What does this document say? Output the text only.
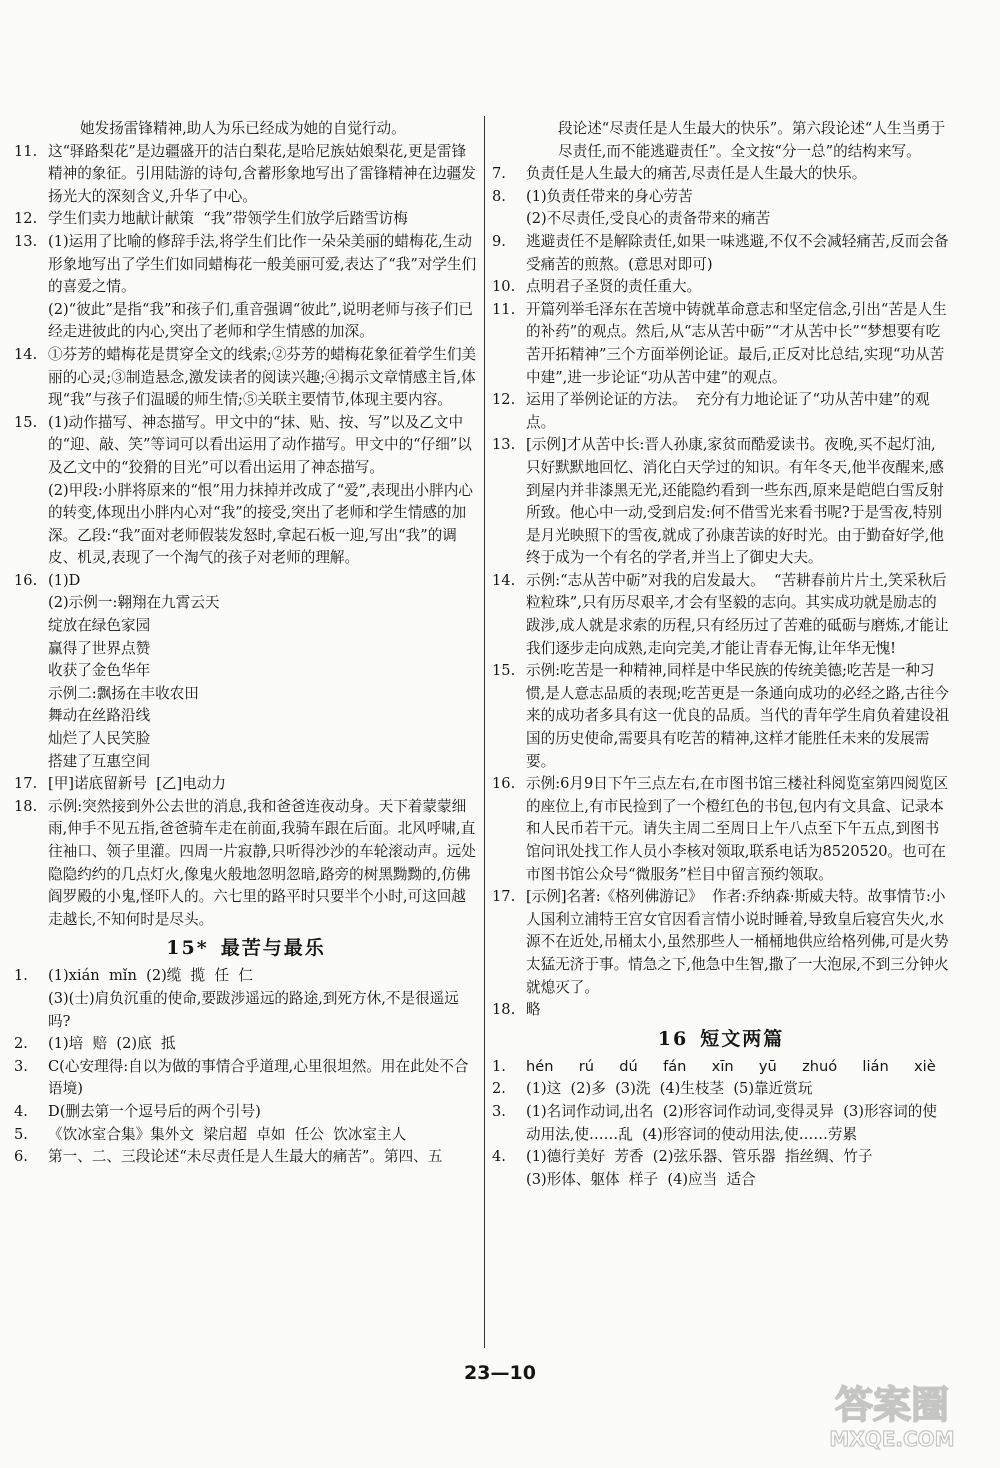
她发扬雷锋精神,助人为乐已经成为她的自觉行动。
11. 这“驿路梨花”是边疆盛开的洁白梨花,是哈尼族姑娘梨花,更是雷锋精神的象征。引用陆游的诗句,含蓄形象地写出了雷锋精神在边疆发扬光大的深刻含义,升华了中心。
12. 学生们卖力地献计献策  “我”带领学生们放学后踏雪访梅
13. (1)运用了比喻的修辞手法,将学生们比作一朵朵美丽的蜡梅花,生动形象地写出了学生们如同蜡梅花一般美丽可爱,表达了“我”对学生们的喜爱之情。
(2)“彼此”是指“我”和孩子们,重音强调“彼此”,说明老师与孩子们已经走进彼此的内心,突出了老师和学生情感的加深。
14. ①芬芳的蜡梅花是贯穿全文的线索;②芬芳的蜡梅花象征着学生们美丽的心灵;③制造悬念,激发读者的阅读兴趣;④揭示文章情感主旨,体现“我”与孩子们温暖的师生情;⑤关联主要情节,体现主要内容。
15. (1)动作描写、神态描写。甲文中的“抹、贴、按、写”以及乙文中的“迎、敲、笑”等词可以看出运用了动作描写。甲文中的“仔细”以及乙文中的“狡猾的目光”可以看出运用了神态描写。
(2)甲段:小胖将原来的“恨”用力抹掉并改成了“爱”,表现出小胖内心的转变,体现出小胖内心对“我”的接受,突出了老师和学生情感的加深。乙段:“我”面对老师假装发怒时,拿起石板一迎,写出“我”的调皮、机灵,表现了一个淘气的孩子对老师的理解。
16. (1)D
(2)示例一:翱翔在九霄云天
绽放在绿色家园
赢得了世界点赞
收获了金色华年
示例二:飘扬在丰收农田
舞动在丝路沿线
灿烂了人民笑脸
搭建了互惠空间
17. [甲]诺底留新号  [乙]电动力
18. 示例:突然接到外公去世的消息,我和爸爸连夜动身。天下着蒙蒙细雨,伸手不见五指,爸爸骑车走在前面,我骑车跟在后面。北风呼啸,直往袖口、领子里灌。四周一片寂静,只听得沙沙的车轮滚动声。远处隐隐约约的几点灯火,像鬼火般地忽明忽暗,路旁的树黑黝黝的,仿佛阎罗殿的小鬼,怪吓人的。六七里的路平时只要半个小时,可这回越走越长,不知何时是尽头。
15* 最苦与最乐
1.	(1)xián  mǐn  (2)缆  揽  任  仁
(3)(士)肩负沉重的使命,要跋涉遥远的路途,到死方休,不是很遥远吗?
2.	(1)培  赔  (2)底  抵
3.	C(心安理得:自以为做的事情合乎道理,心里很坦然。用在此处不合语境)
4.	D(删去第一个逗号后的两个引号)
5.	《饮冰室合集》集外文  梁启超  卓如  任公  饮冰室主人
6.	第一、二、三段论述“未尽责任是人生最大的痛苦”。第四、五
段论述“尽责任是人生最大的快乐”。第六段论述“人生当勇于尽责任,而不能逃避责任”。全文按“分一总”的结构来写。
7.	负责任是人生最大的痛苦,尽责任是人生最大的快乐。
8.	(1)负责任带来的身心劳苦
(2)不尽责任,受良心的责备带来的痛苦
9.	逃避责任不是解除责任,如果一味逃避,不仅不会减轻痛苦,反而会备受痛苦的煎熬。(意思对即可)
10. 点明君子圣贤的责任重大。
11. 开篇列举毛泽东在苦境中铸就革命意志和坚定信念,引出“苦是人生的补药”的观点。然后,从“志从苦中砺”“才从苦中长”“梦想要有吃苦开拓精神”三个方面举例论证。最后,正反对比总结,实现“功从苦中建”,进一步论证“功从苦中建”的观点。
12. 运用了举例论证的方法。  充分有力地论证了“功从苦中建”的观点。
13. [示例]才从苦中长:晋人孙康,家贫而酷爱读书。夜晚,买不起灯油,只好默默地回忆、消化白天学过的知识。有年冬天,他半夜醒来,感到屋内并非漆黑无光,还能隐约看到一些东西,原来是皑皑白雪反射所致。他心中一动,受到启发:何不借雪光来看书呢?于是雪夜,特别是月光映照下的雪夜,就成了孙康苦读的好时光。由于勤奋好学,他终于成为一个有名的学者,并当上了御史大夫。
14. 示例:“志从苦中砺”对我的启发最大。  “苦耕春前片片土,笑采秋后粒粒珠”,只有历尽艰辛,才会有坚毅的志向。其实成功就是励志的跋涉,成人就是求索的历程,只有经历过了苦难的砥砺与磨炼,才能让我们逐步走向成熟,走向完美,才能让青春无悔,让年华无愧!
15. 示例:吃苦是一种精神,同样是中华民族的传统美德;吃苦是一种习惯,是人意志品质的表现;吃苦更是一条通向成功的必经之路,古往今来的成功者多具有这一优良的品质。当代的青年学生肩负着建设祖国的历史使命,需要具有吃苦的精神,这样才能胜任未来的发展需要。
16. 示例:6月9日下午三点左右,在市图书馆三楼社科阅览室第四阅览区的座位上,有市民捡到了一个橙红色的书包,包内有文具盒、记录本和人民币若干元。请失主周二至周日上午八点至下午五点,到图书馆问讯处找工作人员小李核对领取,联系电话为8520520。也可在市图书馆公众号“微服务”栏目中留言预约领取。
17. [示例]名著:《格列佛游记》  作者:乔纳森·斯威夫特。故事情节:小人国利立浦特王宫女官因看言情小说时睡着,导致皇后寝宫失火,水源不在近处,吊桶太小,虽然那些人一桶桶地供应给格列佛,可是火势太猛无济于事。情急之下,他急中生智,撒了一大泡尿,不到三分钟火就熄灭了。
18. 略
16 短文两篇
1.	hén  rú  dú  fán  xīn  yū  zhuó  lián  xiè
2.	(1)这  (2)多  (3)洗  (4)生枝茎  (5)靠近赏玩
3.	(1)名词作动词,出名  (2)形容词作动词,变得灵异  (3)形容词的使动用法,使……乱  (4)形容词的使动用法,使……劳累
4.	(1)德行美好  芳香  (2)弦乐器、管乐器  指丝绸、竹子
(3)形体、躯体  样子  (4)应当  适合
23—10
答案圈
MXQE.COM
